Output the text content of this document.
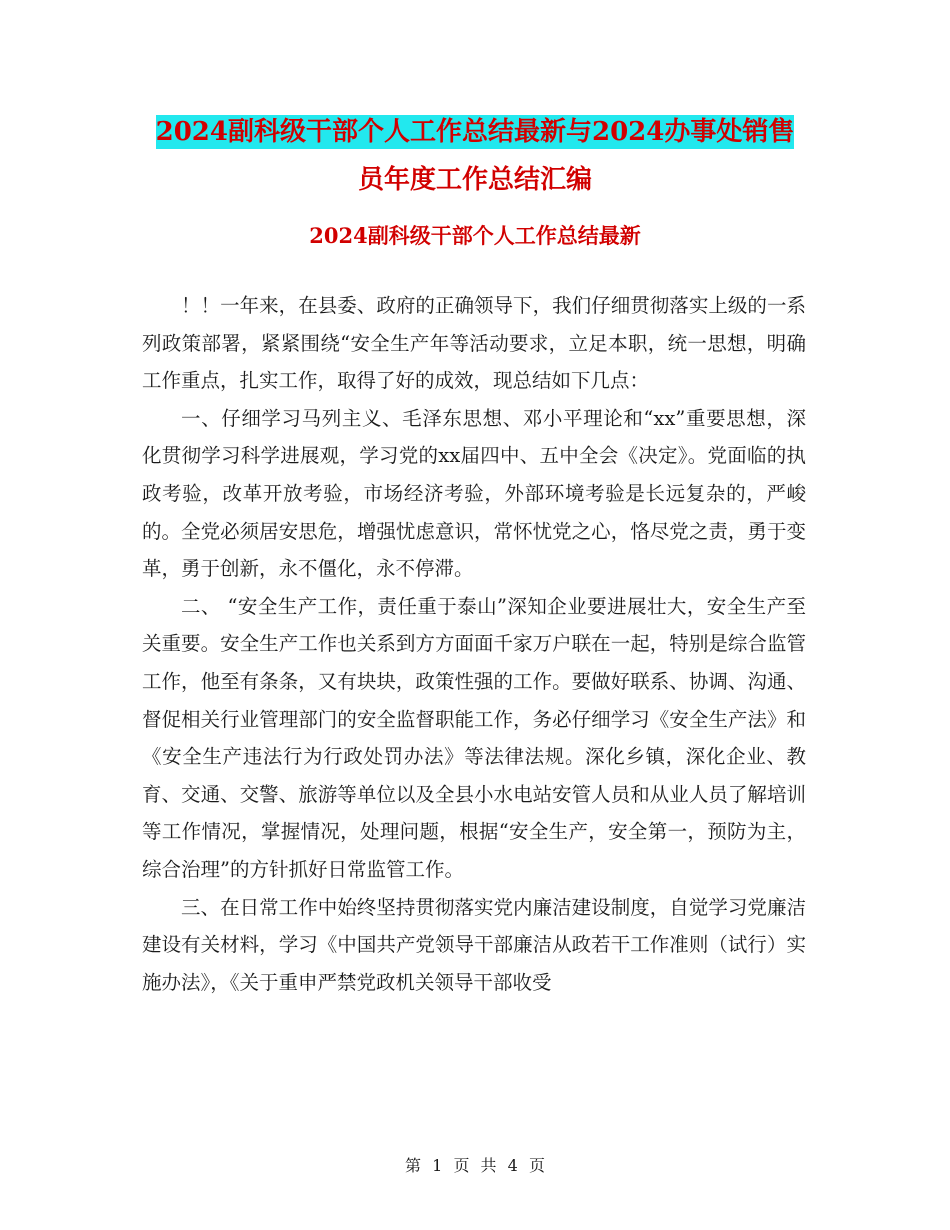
2024副科级干部个人工作总结最新与2024办事处销售
员年度工作总结汇编
2024副科级干部个人工作总结最新

！！一年来，在县委、政府的正确领导下，我们仔细贯彻落实上级的一系列政策部署，紧紧围绕“安全生产年等活动要求，立足本职，统一思想，明确工作重点，扎实工作，取得了好的成效，现总结如下几点：

一、仔细学习马列主义、毛泽东思想、邓小平理论和“xx”重要思想，深化贯彻学习科学进展观，学习党的xx届四中、五中全会《决定》。党面临的执政考验，改革开放考验，市场经济考验，外部环境考验是长远复杂的，严峻的。全党必须居安思危，增强忧虑意识，常怀忧党之心，恪尽党之责，勇于变革，勇于创新，永不僵化，永不停滞。

二、 “安全生产工作，责任重于泰山”深知企业要进展壮大，安全生产至关重要。安全生产工作也关系到方方面面千家万户联在一起，特别是综合监管工作，他至有条条，又有块块，政策性强的工作。要做好联系、协调、沟通、督促相关行业管理部门的安全监督职能工作，务必仔细学习《安全生产法》和《安全生产违法行为行政处罚办法》等法律法规。深化乡镇，深化企业、教育、交通、交警、旅游等单位以及全县小水电站安管人员和从业人员了解培训等工作情况，掌握情况，处理问题，根据“安全生产，安全第一，预防为主，综合治理”的方针抓好日常监管工作。

三、在日常工作中始终坚持贯彻落实党内廉洁建设制度，自觉学习党廉洁建设有关材料，学习《中国共产党领导干部廉洁从政若干工作准则（试行）实施办法》，《关于重申严禁党政机关领导干部收受

第 1 页 共 4 页
